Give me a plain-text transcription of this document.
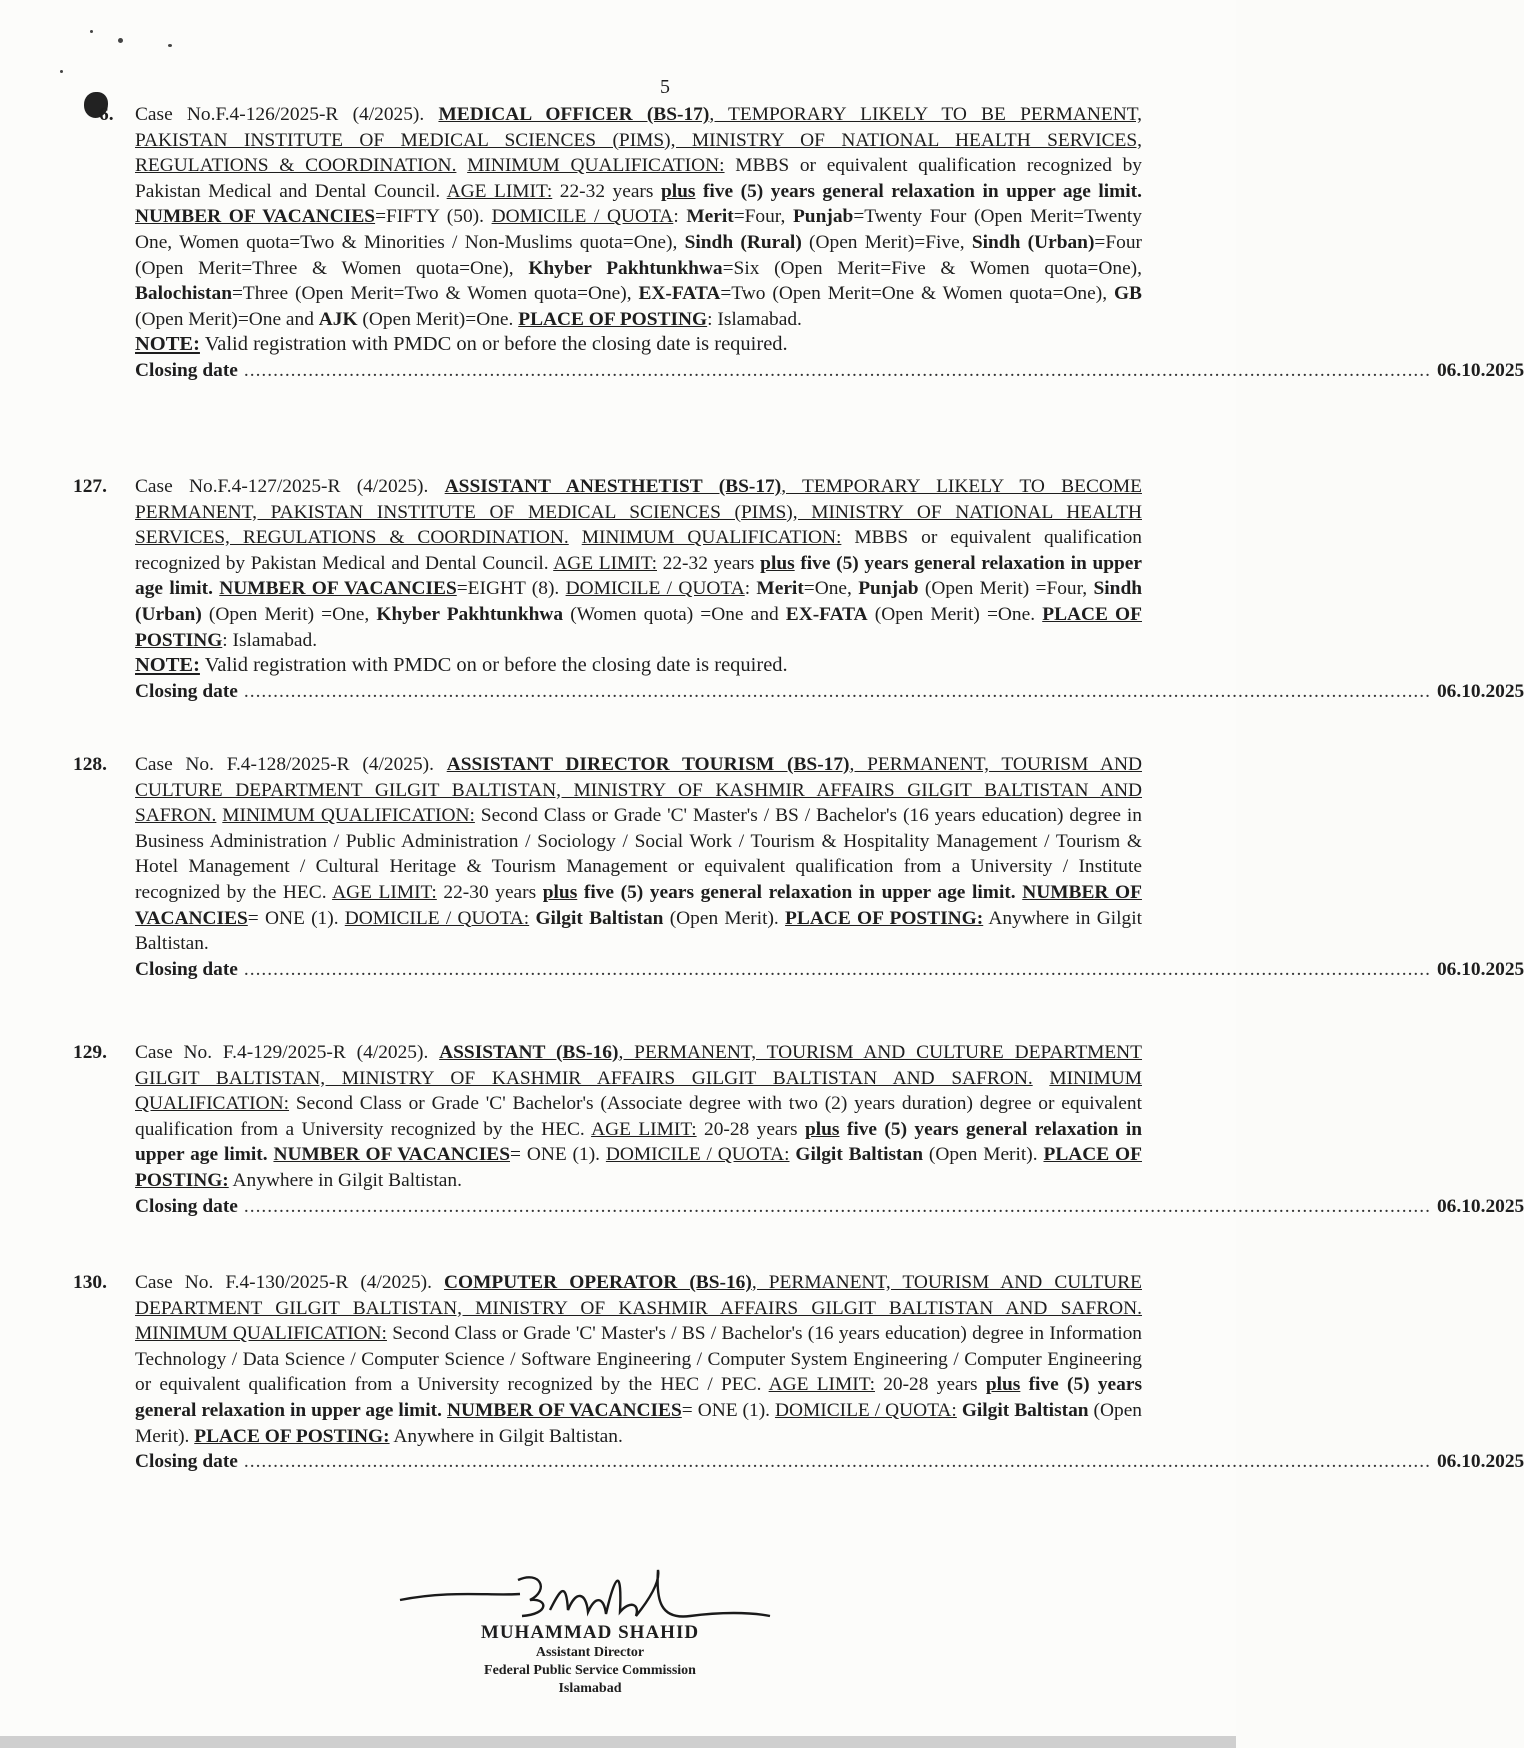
5
6. Case No.F.4-126/2025-R (4/2025). MEDICAL OFFICER (BS-17), TEMPORARY LIKELY TO BE PERMANENT, PAKISTAN INSTITUTE OF MEDICAL SCIENCES (PIMS), MINISTRY OF NATIONAL HEALTH SERVICES, REGULATIONS & COORDINATION. MINIMUM QUALIFICATION: MBBS or equivalent qualification recognized by Pakistan Medical and Dental Council. AGE LIMIT: 22-32 years plus five (5) years general relaxation in upper age limit. NUMBER OF VACANCIES=FIFTY (50). DOMICILE / QUOTA: Merit=Four, Punjab=Twenty Four (Open Merit=Twenty One, Women quota=Two & Minorities / Non-Muslims quota=One), Sindh (Rural) (Open Merit)=Five, Sindh (Urban)=Four (Open Merit=Three & Women quota=One), Khyber Pakhtunkhwa=Six (Open Merit=Five & Women quota=One), Balochistan=Three (Open Merit=Two & Women quota=One), EX-FATA=Two (Open Merit=One & Women quota=One), GB (Open Merit)=One and AJK (Open Merit)=One. PLACE OF POSTING: Islamabad.
NOTE: Valid registration with PMDC on or before the closing date is required.
Closing date ........................................................................................................................................................................................................... 06.10.2025
127. Case No.F.4-127/2025-R (4/2025). ASSISTANT ANESTHETIST (BS-17), TEMPORARY LIKELY TO BECOME PERMANENT, PAKISTAN INSTITUTE OF MEDICAL SCIENCES (PIMS), MINISTRY OF NATIONAL HEALTH SERVICES, REGULATIONS & COORDINATION. MINIMUM QUALIFICATION: MBBS or equivalent qualification recognized by Pakistan Medical and Dental Council. AGE LIMIT: 22-32 years plus five (5) years general relaxation in upper age limit. NUMBER OF VACANCIES=EIGHT (8). DOMICILE / QUOTA: Merit=One, Punjab (Open Merit) =Four, Sindh (Urban) (Open Merit) =One, Khyber Pakhtunkhwa (Women quota) =One and EX-FATA (Open Merit) =One. PLACE OF POSTING: Islamabad.
NOTE: Valid registration with PMDC on or before the closing date is required.
Closing date ........................................................................................................................................................................................................... 06.10.2025
128. Case No. F.4-128/2025-R (4/2025). ASSISTANT DIRECTOR TOURISM (BS-17), PERMANENT, TOURISM AND CULTURE DEPARTMENT GILGIT BALTISTAN, MINISTRY OF KASHMIR AFFAIRS GILGIT BALTISTAN AND SAFRON. MINIMUM QUALIFICATION: Second Class or Grade 'C' Master's / BS / Bachelor's (16 years education) degree in Business Administration / Public Administration / Sociology / Social Work / Tourism & Hospitality Management / Tourism & Hotel Management / Cultural Heritage & Tourism Management or equivalent qualification from a University / Institute recognized by the HEC. AGE LIMIT: 22-30 years plus five (5) years general relaxation in upper age limit. NUMBER OF VACANCIES= ONE (1). DOMICILE / QUOTA: Gilgit Baltistan (Open Merit). PLACE OF POSTING: Anywhere in Gilgit Baltistan.
Closing date ........................................................................................................................................................................................................... 06.10.2025
129. Case No. F.4-129/2025-R (4/2025). ASSISTANT (BS-16), PERMANENT, TOURISM AND CULTURE DEPARTMENT GILGIT BALTISTAN, MINISTRY OF KASHMIR AFFAIRS GILGIT BALTISTAN AND SAFRON. MINIMUM QUALIFICATION: Second Class or Grade 'C' Bachelor's (Associate degree with two (2) years duration) degree or equivalent qualification from a University recognized by the HEC. AGE LIMIT: 20-28 years plus five (5) years general relaxation in upper age limit. NUMBER OF VACANCIES= ONE (1). DOMICILE / QUOTA: Gilgit Baltistan (Open Merit). PLACE OF POSTING: Anywhere in Gilgit Baltistan.
Closing date ........................................................................................................................................................................................................... 06.10.2025
130. Case No. F.4-130/2025-R (4/2025). COMPUTER OPERATOR (BS-16), PERMANENT, TOURISM AND CULTURE DEPARTMENT GILGIT BALTISTAN, MINISTRY OF KASHMIR AFFAIRS GILGIT BALTISTAN AND SAFRON. MINIMUM QUALIFICATION: Second Class or Grade 'C' Master's / BS / Bachelor's (16 years education) degree in Information Technology / Data Science / Computer Science / Software Engineering / Computer System Engineering / Computer Engineering or equivalent qualification from a University recognized by the HEC / PEC. AGE LIMIT: 20-28 years plus five (5) years general relaxation in upper age limit. NUMBER OF VACANCIES= ONE (1). DOMICILE / QUOTA: Gilgit Baltistan (Open Merit). PLACE OF POSTING: Anywhere in Gilgit Baltistan.
Closing date ........................................................................................................................................................................................................... 06.10.2025
MUHAMMAD SHAHID
Assistant Director
Federal Public Service Commission
Islamabad
